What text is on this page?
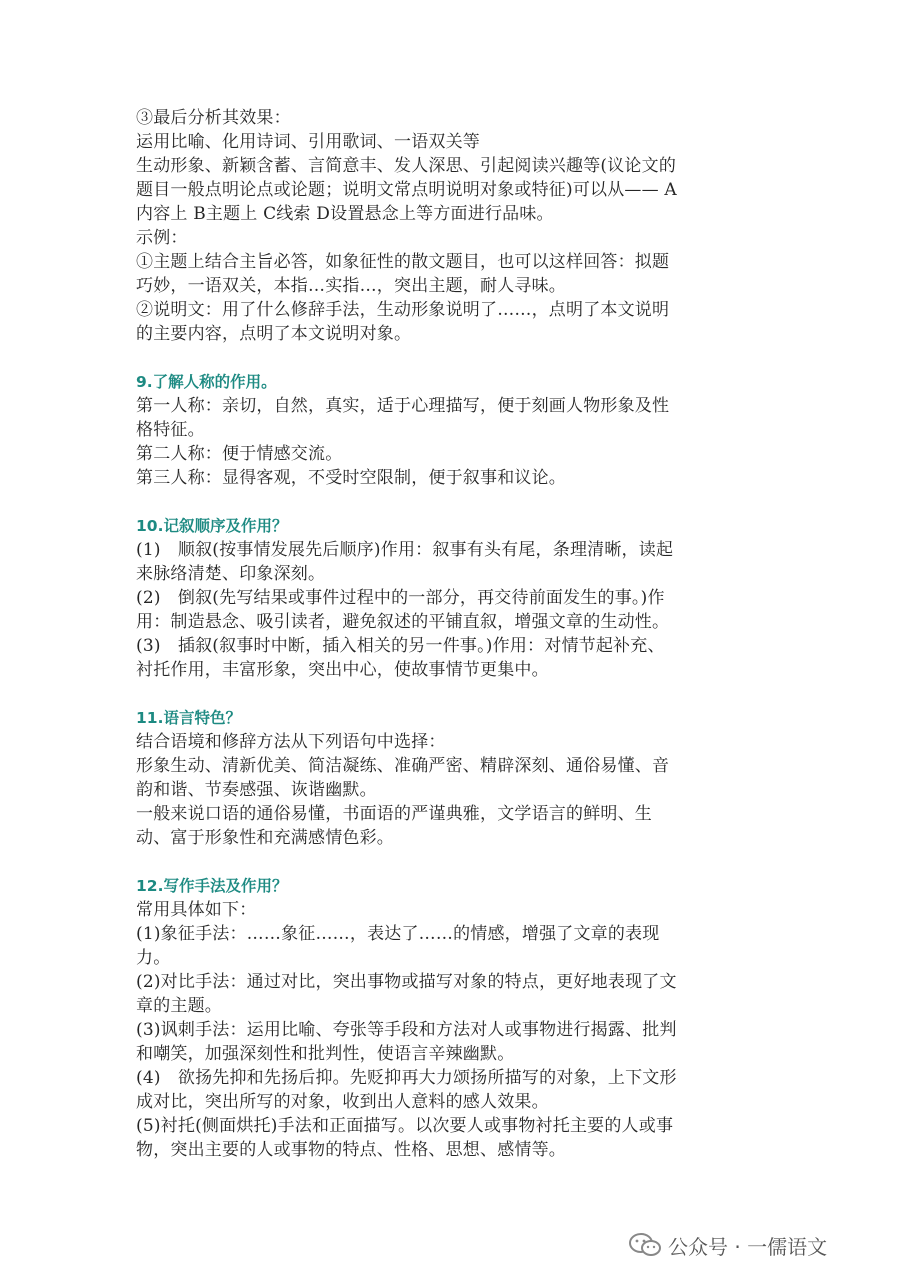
③最后分析其效果：
运用比喻、化用诗词、引用歌词、一语双关等
生动形象、新颖含蓄、言简意丰、发人深思、引起阅读兴趣等(议论文的
题目一般点明论点或论题；说明文常点明说明对象或特征)可以从—— A
内容上 B主题上 C线索 D设置悬念上等方面进行品味。
示例：
①主题上结合主旨必答，如象征性的散文题目，也可以这样回答：拟题
巧妙，一语双关，本指…实指…，突出主题，耐人寻味。
②说明文：用了什么修辞手法，生动形象说明了……，点明了本文说明
的主要内容，点明了本文说明对象。
9.了解人称的作用。
第一人称：亲切，自然，真实，适于心理描写，便于刻画人物形象及性
格特征。
第二人称：便于情感交流。
第三人称：显得客观，不受时空限制，便于叙事和议论。
10.记叙顺序及作用？
(1)　顺叙(按事情发展先后顺序)作用：叙事有头有尾，条理清晰，读起
来脉络清楚、印象深刻。
(2)　倒叙(先写结果或事件过程中的一部分，再交待前面发生的事。)作
用：制造悬念、吸引读者，避免叙述的平铺直叙，增强文章的生动性。
(3)　插叙(叙事时中断，插入相关的另一件事。)作用：对情节起补充、
衬托作用，丰富形象，突出中心，使故事情节更集中。
11.语言特色？
结合语境和修辞方法从下列语句中选择：
形象生动、清新优美、简洁凝练、准确严密、精辟深刻、通俗易懂、音
韵和谐、节奏感强、诙谐幽默。
一般来说口语的通俗易懂，书面语的严谨典雅，文学语言的鲜明、生
动、富于形象性和充满感情色彩。
12.写作手法及作用？
常用具体如下：
(1)象征手法：……象征……，表达了……的情感，增强了文章的表现
力。
(2)对比手法：通过对比，突出事物或描写对象的特点，更好地表现了文
章的主题。
(3)讽刺手法：运用比喻、夸张等手段和方法对人或事物进行揭露、批判
和嘲笑，加强深刻性和批判性，使语言辛辣幽默。
(4)　欲扬先抑和先扬后抑。先贬抑再大力颂扬所描写的对象，上下文形
成对比，突出所写的对象，收到出人意料的感人效果。
(5)衬托(侧面烘托)手法和正面描写。以次要人或事物衬托主要的人或事
物，突出主要的人或事物的特点、性格、思想、感情等。
公众号 · 一儒语文
